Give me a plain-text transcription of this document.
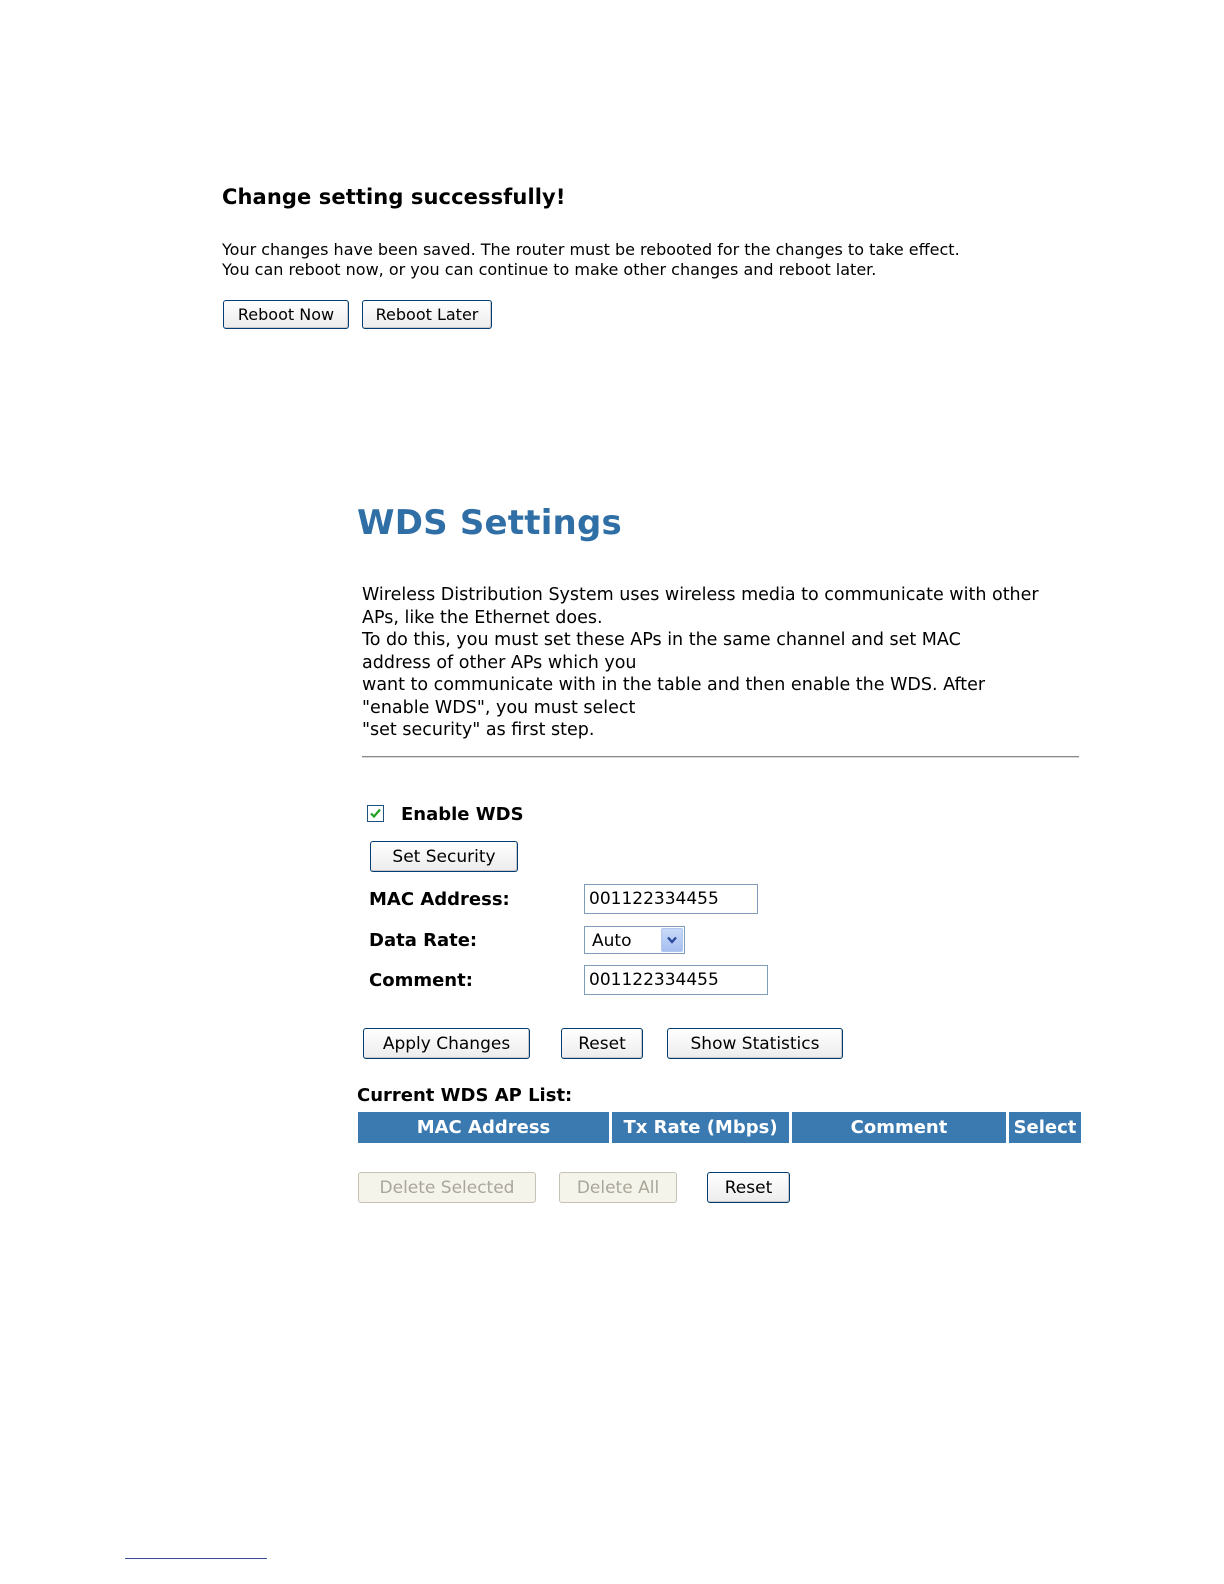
Change setting successfully!
Your changes have been saved. The router must be rebooted for the changes to take effect.
You can reboot now, or you can continue to make other changes and reboot later.
Reboot Now	Reboot Later
WDS Settings
Wireless Distribution System uses wireless media to communicate with other
APs, like the Ethernet does.
To do this, you must set these APs in the same channel and set MAC
address of other APs which you
want to communicate with in the table and then enable the WDS. After
"enable WDS", you must select
"set security" as first step.
Enable WDS
Set Security
MAC Address:
001122334455
Data Rate:	Auto
Comment:
001122334455
Apply Changes	Reset	Show Statistics
Current WDS AP List:
MAC Address	Tx Rate (Mbps)	Comment	Select
Delete Selected	Delete All	Reset
